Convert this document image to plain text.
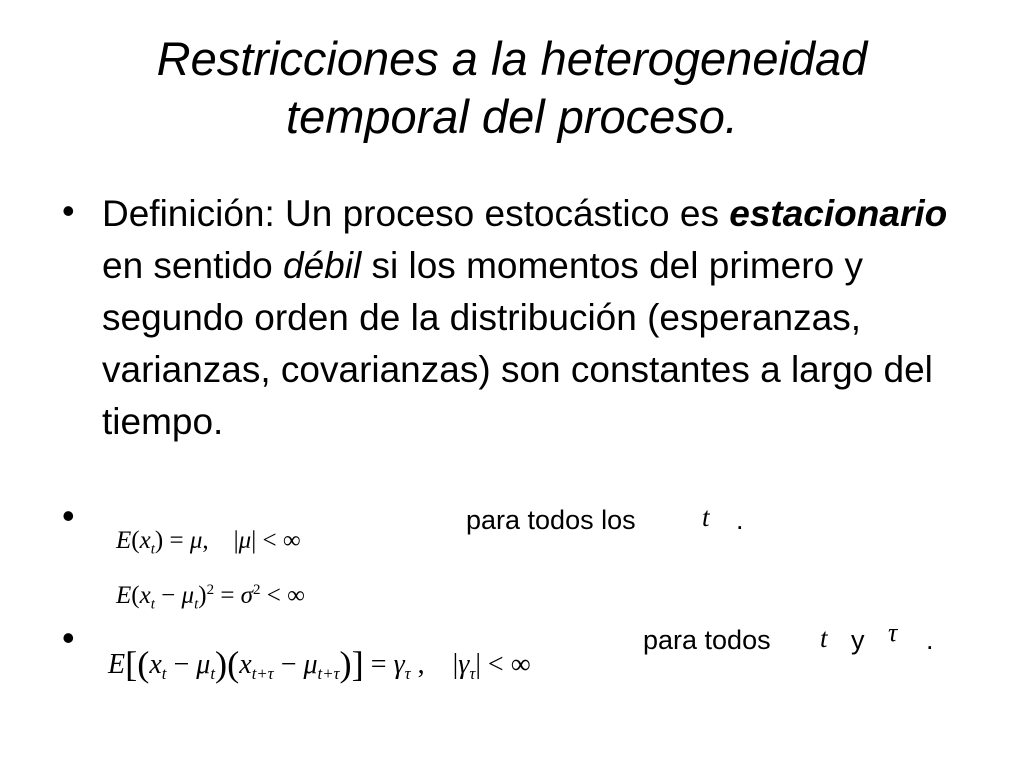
Restricciones a la heterogeneidad temporal del proceso.
• Definición: Un proceso estocástico es estacionario en sentido débil si los momentos del primero y segundo orden de la distribución (esperanzas, varianzas, covarianzas) son constantes a largo del tiempo.
•
$E(x_t) = \mu$,    |μ| < ∞
para todos los t .
$E(x_t - \mu_t)^2 = \sigma^2$ < ∞
•
$E[(x_t - \mu_t)(x_{t+\tau} - \mu_{t+\tau})] = \gamma_\tau$ ,    $|\gamma_\tau|$ < ∞
para todos t y τ .
